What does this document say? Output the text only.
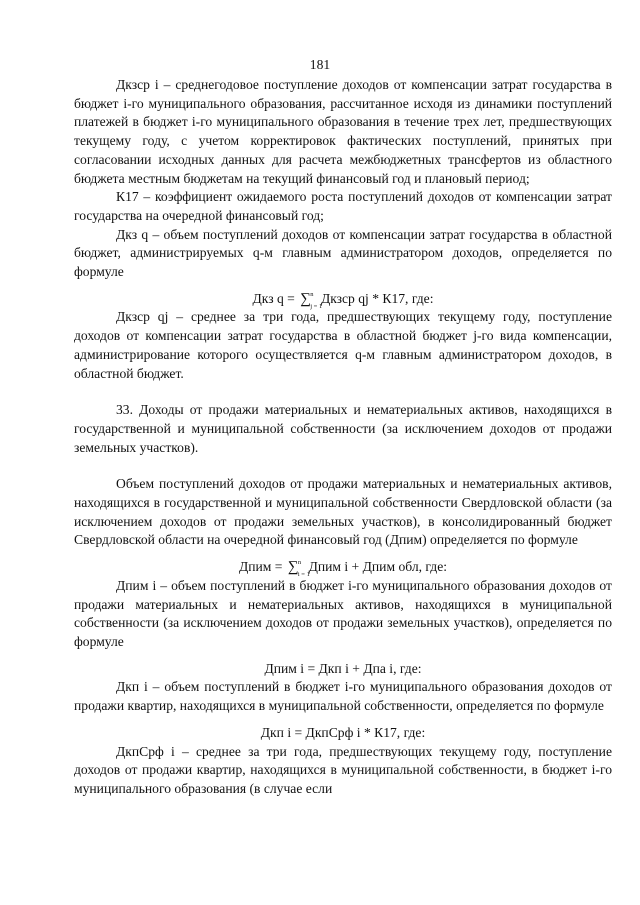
181

Дкзср i – среднегодовое поступление доходов от компенсации затрат государства в бюджет i-го муниципального образования, рассчитанное исходя из динамики поступлений платежей в бюджет i-го муниципального образования в течение трех лет, предшествующих текущему году, с учетом корректировок фактических поступлений, принятых при согласовании исходных данных для расчета межбюджетных трансфертов из областного бюджета местным бюджетам на текущий финансовый год и плановый период;

К17 – коэффициент ожидаемого роста поступлений доходов от компенсации затрат государства на очередной финансовый год;

Дкз q – объем поступлений доходов от компенсации затрат государства в областной бюджет, администрируемых q-м главным администратором доходов, определяется по формуле

Дкз q = ∑ n
j = 1
Дкзср qj * К17, где:

Дкзср qj – среднее за три года, предшествующих текущему году, поступление доходов от компенсации затрат государства в областной бюджет j-го вида компенсации, администрирование которого осуществляется q-м главным администратором доходов, в областной бюджет.

33. Доходы от продажи материальных и нематериальных активов, находящихся в государственной и муниципальной собственности (за исключением доходов от продажи земельных участков).

Объем поступлений доходов от продажи материальных и нематериальных активов, находящихся в государственной и муниципальной собственности Свердловской области (за исключением доходов от продажи земельных участков), в консолидированный бюджет Свердловской области на очередной финансовый год (Дпим) определяется по формуле

Дпим = ∑ n
i = 1
Дпим i + Дпим обл, где:

Дпим i – объем поступлений в бюджет i-го муниципального образования доходов от продажи материальных и нематериальных активов, находящихся в муниципальной собственности (за исключением доходов от продажи земельных участков), определяется по формуле

Дпим i = Дкп i + Дпа i, где:

Дкп i – объем поступлений в бюджет i-го муниципального образования доходов от продажи квартир, находящихся в муниципальной собственности, определяется по формуле

Дкп i = ДкпСрф i * К17, где:

ДкпСрф i – среднее за три года, предшествующих текущему году, поступление доходов от продажи квартир, находящихся в муниципальной собственности, в бюджет i-го муниципального образования (в случае если
